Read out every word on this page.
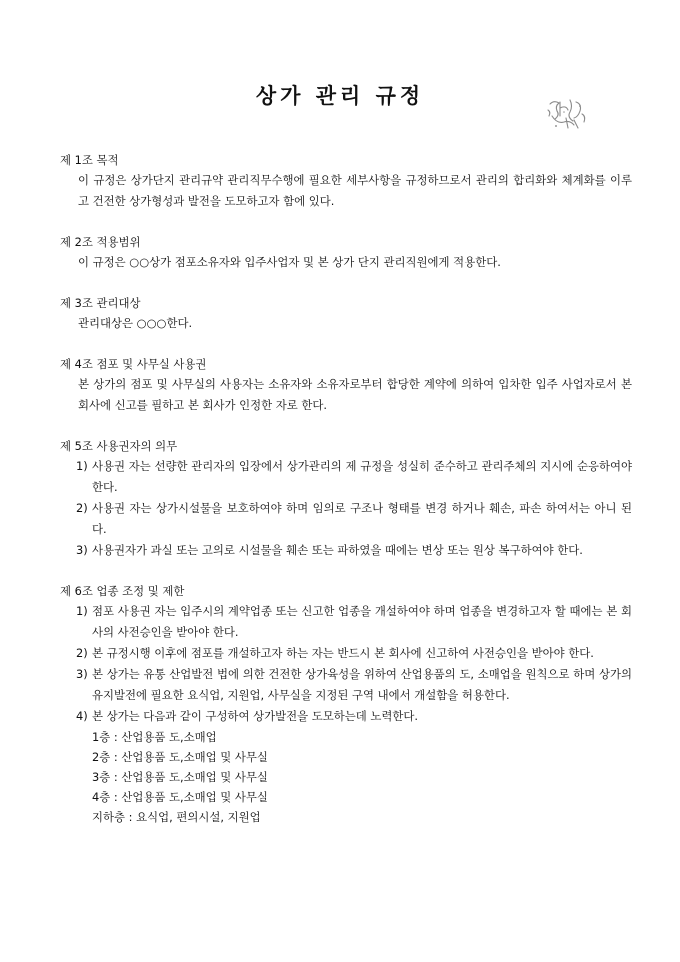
상가 관리 규정
제 1조 목적
이 규정은 상가단지 관리규약 관리직무수행에 필요한 세부사항을 규정하므로서 관리의 합리화와 체계화를 이루고 건전한 상가형성과 발전을 도모하고자 함에 있다.
제 2조 적용범위
이 규정은 ○○상가 점포소유자와 입주사업자 및 본 상가 단지 관리직원에게 적용한다.
제 3조 관리대상
관리대상은 ○○○한다.
제 4조 점포 및 사무실 사용권
본 상가의 점포 및 사무실의 사용자는 소유자와 소유자로부터 합당한 계약에 의하여 입차한 입주 사업자로서 본 회사에 신고를 필하고 본 회사가 인정한 자로 한다.
제 5조 사용권자의 의무
1) 사용권 자는 선량한 관리자의 입장에서 상가관리의 제 규정을 성실히 준수하고 관리주체의 지시에 순응하여야 한다.
2) 사용권 자는 상가시설물을 보호하여야 하며 임의로 구조나 형태를 변경 하거나 훼손, 파손 하여서는 아니 된다.
3) 사용권자가 과실 또는 고의로 시설물을 훼손 또는 파하였을 때에는 변상 또는 원상 복구하여야 한다.
제 6조 업종 조정 및 제한
1) 점포 사용권 자는 입주시의 계약업종 또는 신고한 업종을 개설하여야 하며 업종을 변경하고자 할 때에는 본 회사의 사전승인을 받아야 한다.
2) 본 규정시행 이후에 점포를 개설하고자 하는 자는 반드시 본 회사에 신고하여 사전승인을 받아야 한다.
3) 본 상가는 유통 산업발전 법에 의한 건전한 상가육성을 위하여 산업용품의 도, 소매업을 원칙으로 하며 상가의 유지발전에 필요한 요식업, 지원업, 사무실을 지정된 구역 내에서 개설함을 허용한다.
4) 본 상가는 다음과 같이 구성하여 상가발전을 도모하는데 노력한다.
1층 : 산업용품 도,소매업
2층 : 산업용품 도,소매업 및 사무실
3층 : 산업용품 도,소매업 및 사무실
4층 : 산업용품 도,소매업 및 사무실
지하층 : 요식업, 편의시설, 지원업
